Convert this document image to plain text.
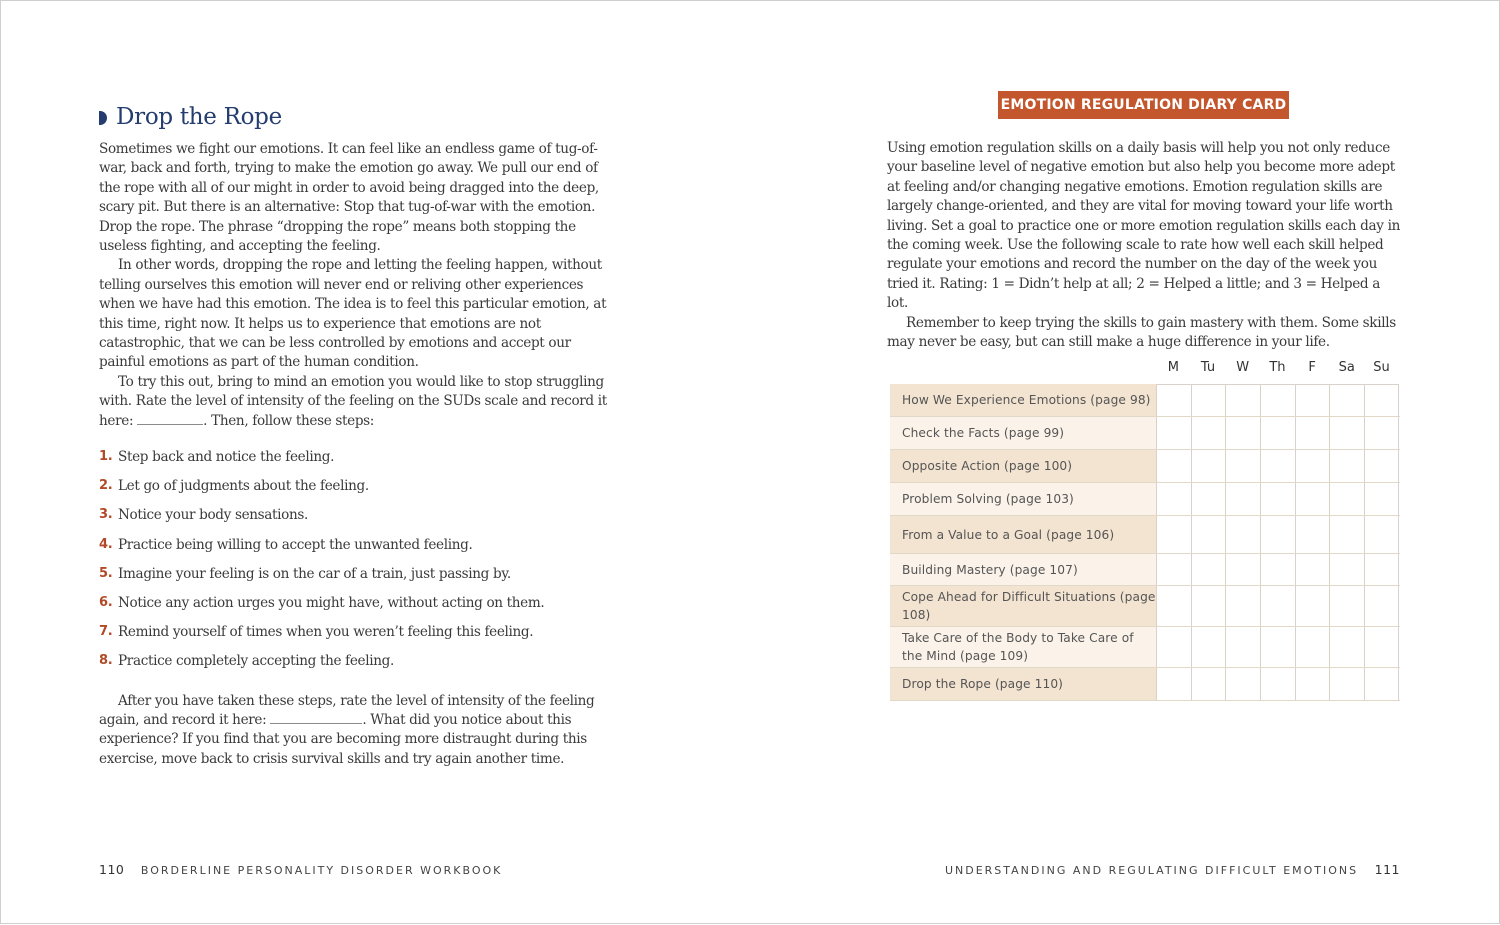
Drop the Rope

Sometimes we fight our emotions. It can feel like an endless game of tug-of-war, back and forth, trying to make the emotion go away. We pull our end of the rope with all of our might in order to avoid being dragged into the deep, scary pit. But there is an alternative: Stop that tug-of-war with the emotion. Drop the rope. The phrase “dropping the rope” means both stopping the useless fighting, and accepting the feeling.

In other words, dropping the rope and letting the feeling happen, without telling ourselves this emotion will never end or reliving other experiences when we have had this emotion. The idea is to feel this particular emotion, at this time, right now. It helps us to experience that emotions are not catastrophic, that we can be less controlled by emotions and accept our painful emotions as part of the human condition.

To try this out, bring to mind an emotion you would like to stop struggling with. Rate the level of intensity of the feeling on the SUDs scale and record it here:	. Then, follow these steps:

1. Step back and notice the feeling.
2. Let go of judgments about the feeling.
3. Notice your body sensations.
4. Practice being willing to accept the unwanted feeling.
5. Imagine your feeling is on the car of a train, just passing by.
6. Notice any action urges you might have, without acting on them.
7. Remind yourself of times when you weren’t feeling this feeling.
8. Practice completely accepting the feeling.

After you have taken these steps, rate the level of intensity of the feeling again, and record it here:	. What did you notice about this experience? If you find that you are becoming more distraught during this exercise, move back to crisis survival skills and try again another time.

110 BORDERLINE PERSONALITY DISORDER WORKBOOK
EMOTION REGULATION DIARY CARD

Using emotion regulation skills on a daily basis will help you not only reduce your baseline level of negative emotion but also help you become more adept at feeling and/or changing negative emotions. Emotion regulation skills are largely change-oriented, and they are vital for moving toward your life worth living. Set a goal to practice one or more emotion regulation skills each day in the coming week. Use the following scale to rate how well each skill helped regulate your emotions and record the number on the day of the week you tried it. Rating: 1 = Didn’t help at all; 2 = Helped a little; and 3 = Helped a lot.

Remember to keep trying the skills to gain mastery with them. Some skills may never be easy, but can still make a huge difference in your life.

M	Tu	W	Th	F	Sa	Su
How We Experience Emotions (page 98)
Check the Facts (page 99)
Opposite Action (page 100)
Problem Solving (page 103)
From a Value to a Goal (page 106)
Building Mastery (page 107)
Cope Ahead for Difficult Situations (page 108)
Take Care of the Body to Take Care of the Mind (page 109)
Drop the Rope (page 110)
UNDERSTANDING AND REGULATING DIFFICULT EMOTIONS 111
